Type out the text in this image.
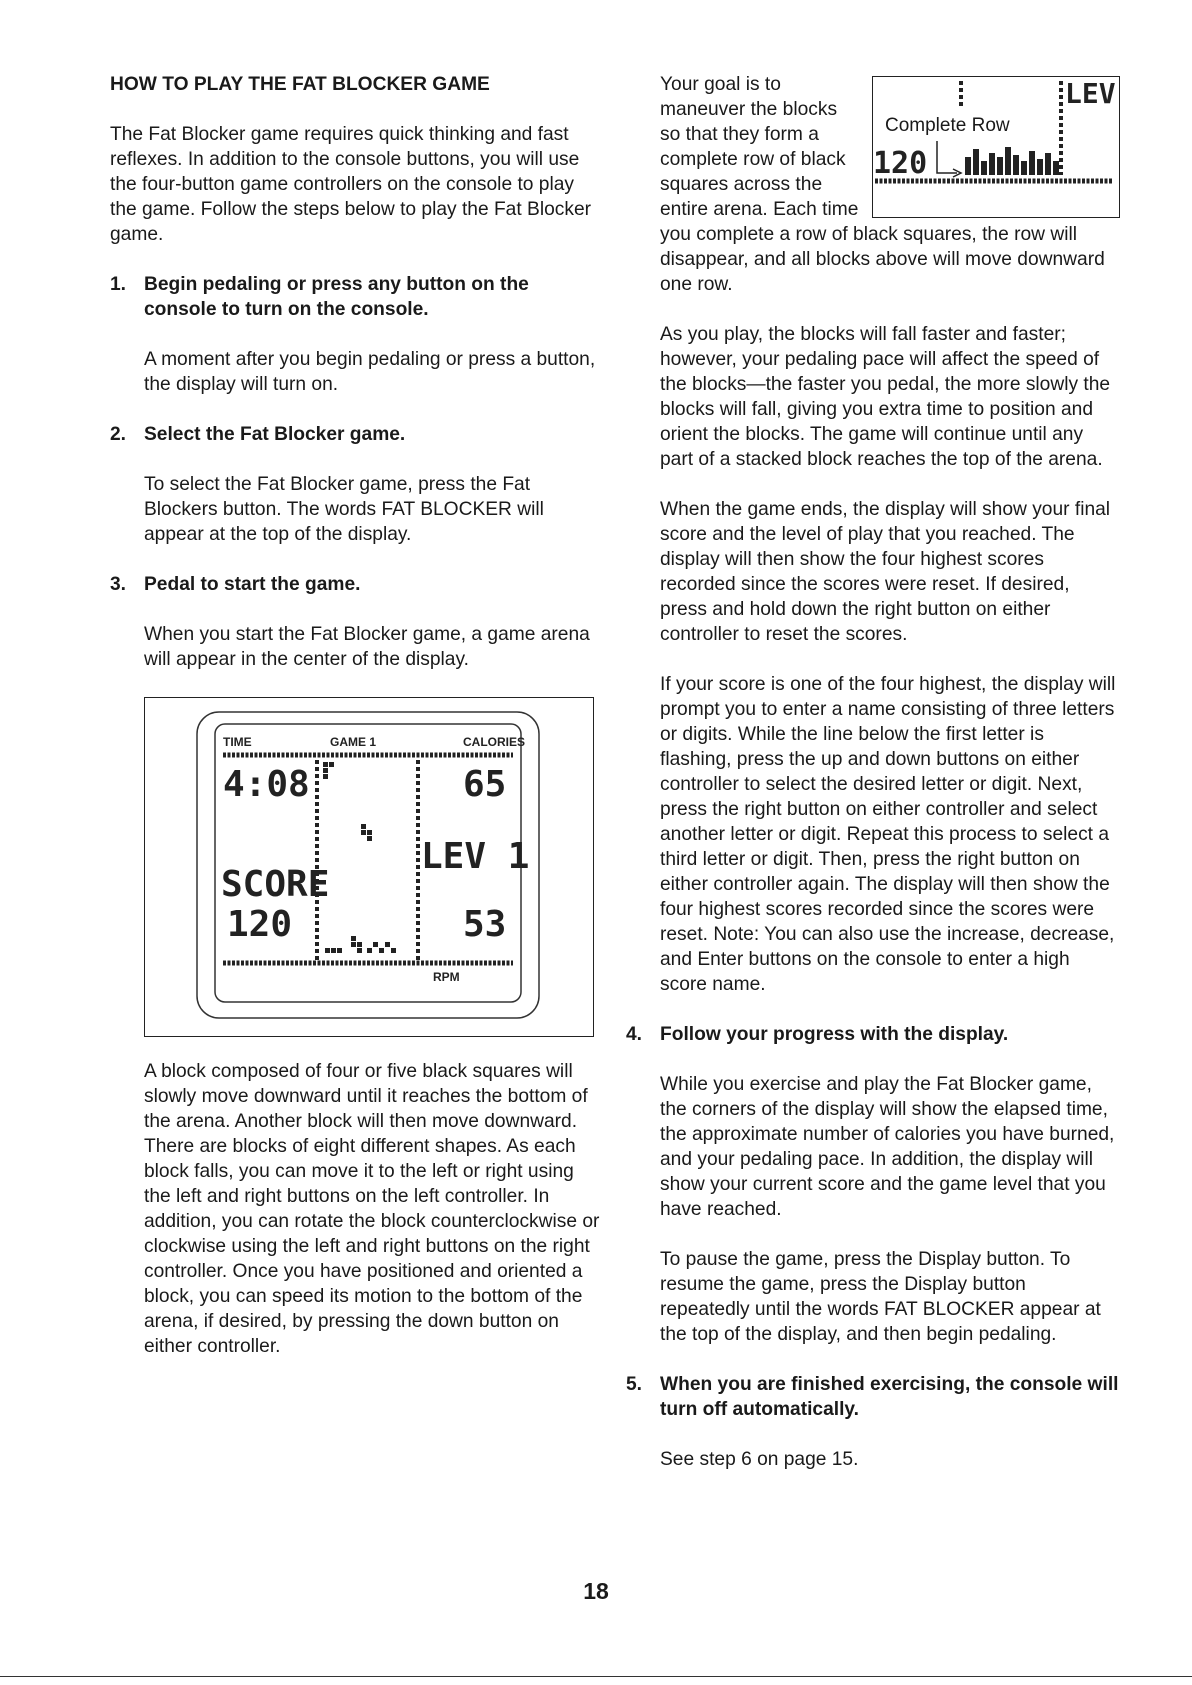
HOW TO PLAY THE FAT BLOCKER GAME

The Fat Blocker game requires quick thinking and fast reflexes. In addition to the console buttons, you will use the four-button game controllers on the console to play the game. Follow the steps below to play the Fat Blocker game.

1. Begin pedaling or press any button on the console to turn on the console.

A moment after you begin pedaling or press a button, the display will turn on.

2. Select the Fat Blocker game.

To select the Fat Blocker game, press the Fat Blockers button. The words FAT BLOCKER will appear at the top of the display.

3. Pedal to start the game.

When you start the Fat Blocker game, a game arena will appear in the center of the display.

TIME	GAME 1	CALORIES
4:08	65
SCORE
120
LEV 1
53
RPM

A block composed of four or five black squares will slowly move downward until it reaches the bottom of the arena. Another block will then move downward. There are blocks of eight different shapes. As each block falls, you can move it to the left or right using the left and right buttons on the left controller. In addition, you can rotate the block counterclockwise or clockwise using the left and right buttons on the right controller. Once you have positioned and oriented a block, you can speed its motion to the bottom of the arena, if desired, by pressing the down button on either controller.

Complete Row
LEV
120

Your goal is to maneuver the blocks so that they form a complete row of black squares across the entire arena. Each time you complete a row of black squares, the row will disappear, and all blocks above will move downward one row.

As you play, the blocks will fall faster and faster; however, your pedaling pace will affect the speed of the blocks—the faster you pedal, the more slowly the blocks will fall, giving you extra time to position and orient the blocks. The game will continue until any part of a stacked block reaches the top of the arena.

When the game ends, the display will show your final score and the level of play that you reached. The display will then show the four highest scores recorded since the scores were reset. If desired, press and hold down the right button on either controller to reset the scores.

If your score is one of the four highest, the display will prompt you to enter a name consisting of three letters or digits. While the line below the first letter is flashing, press the up and down buttons on either controller to select the desired letter or digit. Next, press the right button on either controller and select another letter or digit. Repeat this process to select a third letter or digit. Then, press the right button on either controller again. The display will then show the four highest scores recorded since the scores were reset. Note: You can also use the increase, decrease, and Enter buttons on the console to enter a high score name.

4. Follow your progress with the display.

While you exercise and play the Fat Blocker game, the corners of the display will show the elapsed time, the approximate number of calories you have burned, and your pedaling pace. In addition, the display will show your current score and the game level that you have reached.

To pause the game, press the Display button. To resume the game, press the Display button repeatedly until the words FAT BLOCKER appear at the top of the display, and then begin pedaling.

5. When you are finished exercising, the console will turn off automatically.

See step 6 on page 15.

18
